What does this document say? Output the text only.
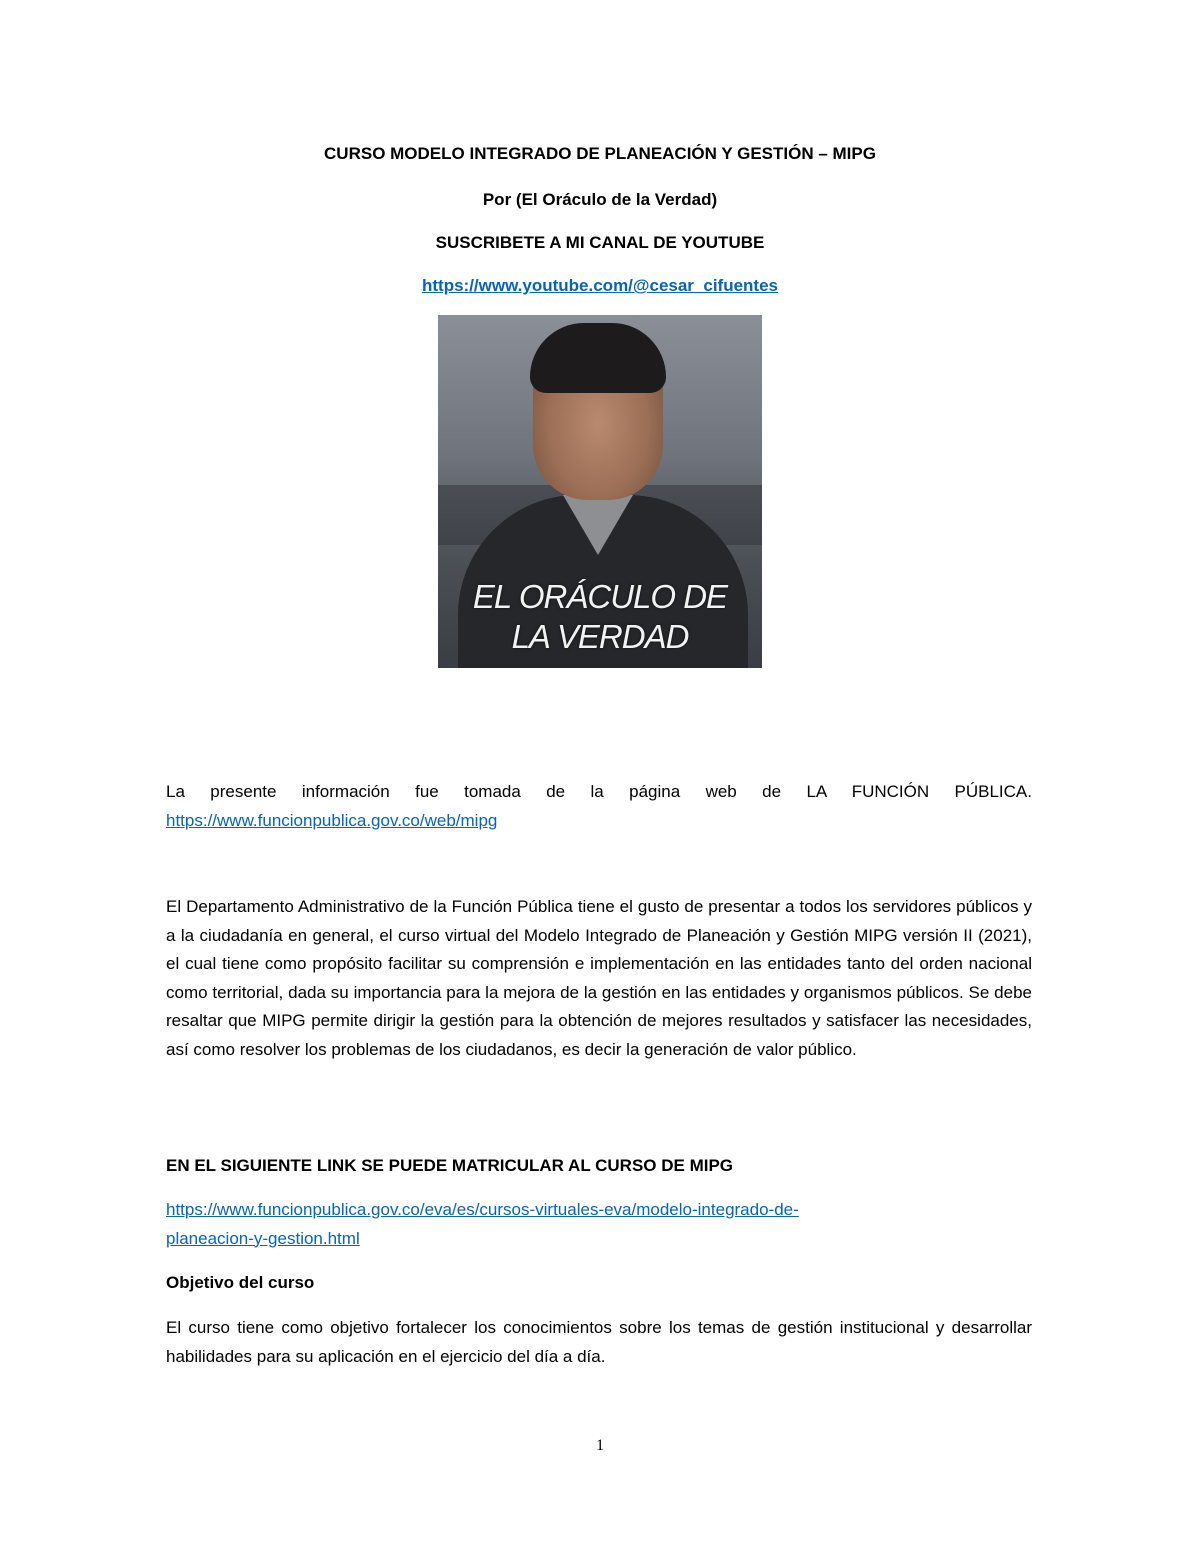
CURSO MODELO INTEGRADO DE PLANEACIÓN Y GESTIÓN – MIPG
Por (El Oráculo de la Verdad)
SUSCRIBETE A MI CANAL DE YOUTUBE
https://www.youtube.com/@cesar_cifuentes
EL ORÁCULO DE
LA VERDAD
La presente información fue tomada de la página web de LA FUNCIÓN PÚBLICA.
https://www.funcionpublica.gov.co/web/mipg
El Departamento Administrativo de la Función Pública tiene el gusto de presentar a todos los servidores públicos y a la ciudadanía en general, el curso virtual del Modelo Integrado de Planeación y Gestión MIPG versión II (2021), el cual tiene como propósito facilitar su comprensión e implementación en las entidades tanto del orden nacional como territorial, dada su importancia para la mejora de la gestión en las entidades y organismos públicos. Se debe resaltar que MIPG permite dirigir la gestión para la obtención de mejores resultados y satisfacer las necesidades, así como resolver los problemas de los ciudadanos, es decir la generación de valor público.
EN EL SIGUIENTE LINK SE PUEDE MATRICULAR AL CURSO DE MIPG
https://www.funcionpublica.gov.co/eva/es/cursos-virtuales-eva/modelo-integrado-de-
planeacion-y-gestion.html
Objetivo del curso
El curso tiene como objetivo fortalecer los conocimientos sobre los temas de gestión institucional y desarrollar habilidades para su aplicación en el ejercicio del día a día.
1
